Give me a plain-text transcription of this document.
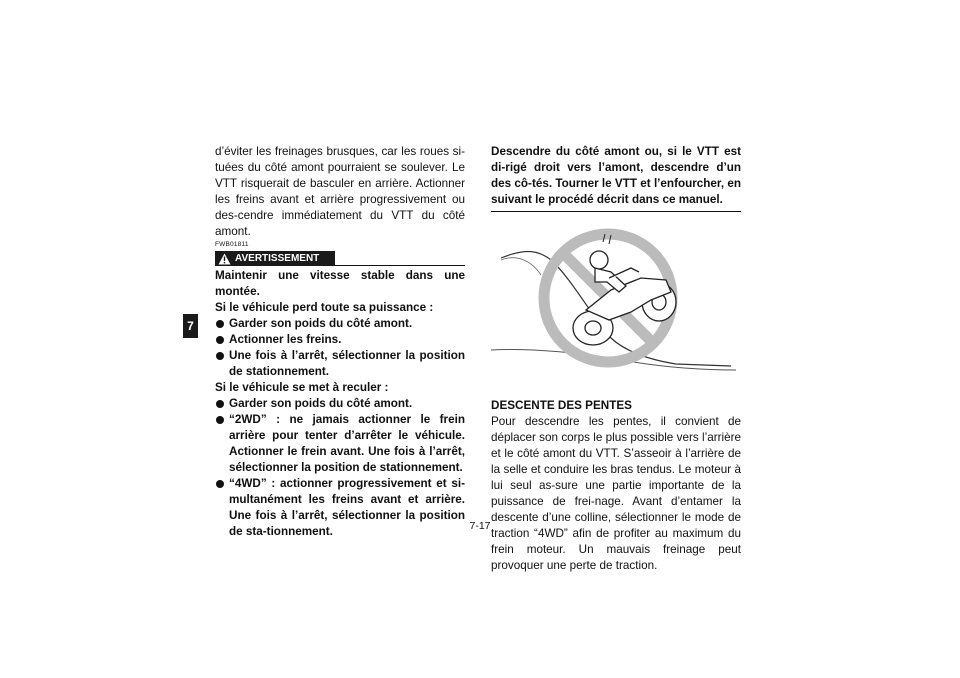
7

d’éviter les freinages brusques, car les roues si-tuées du côté amont pourraient se soulever. Le VTT risquerait de basculer en arrière. Actionner les freins avant et arrière progressivement ou des-cendre immédiatement du VTT du côté amont.

FWB01811
AVERTISSEMENT

Maintenir une vitesse stable dans une montée.

Si le véhicule perd toute sa puissance :

Garder son poids du côté amont.
Actionner les freins.
Une fois à l’arrêt, sélectionner la position de stationnement.

Si le véhicule se met à reculer :

Garder son poids du côté amont.
“2WD” : ne jamais actionner le frein arrière pour tenter d’arrêter le véhicule. Actionner le frein avant. Une fois à l’arrêt, sélectionner la position de stationnement.
“4WD” : actionner progressivement et si-multanément les freins avant et arrière. Une fois à l’arrêt, sélectionner la position de sta-tionnement.

Descendre du côté amont ou, si le VTT est di-rigé droit vers l’amont, descendre d’un des cô-tés. Tourner le VTT et l’enfourcher, en suivant le procédé décrit dans ce manuel.

DESCENTE DES PENTES

Pour descendre les pentes, il convient de déplacer son corps le plus possible vers l’arrière et le côté amont du VTT. S’asseoir à l’arrière de la selle et conduire les bras tendus. Le moteur à lui seul as-sure une partie importante de la puissance de frei-nage. Avant d’entamer la descente d’une colline, sélectionner le mode de traction “4WD” afin de profiter au maximum du frein moteur. Un mauvais freinage peut provoquer une perte de traction.

7-17
